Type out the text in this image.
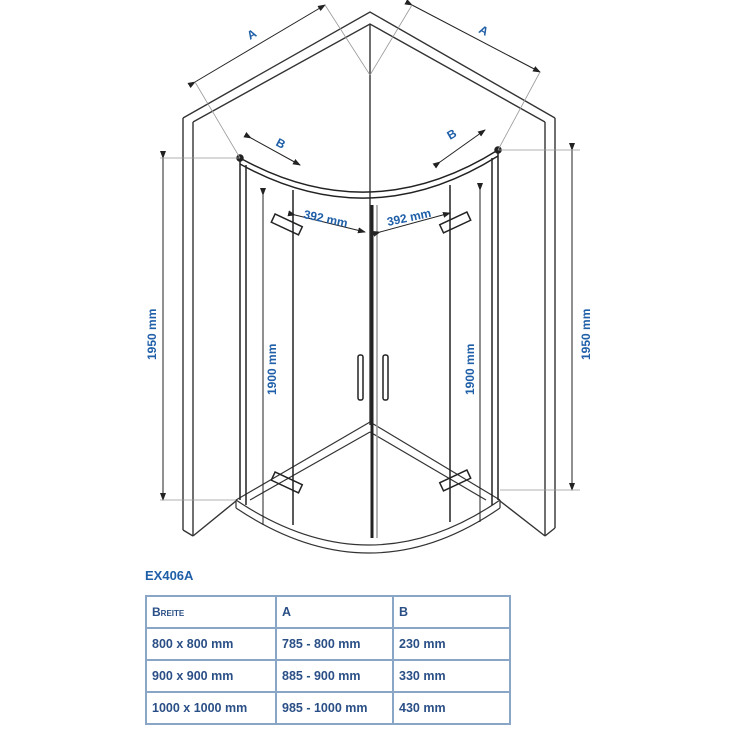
A	A
B
B
392 mm	392 mm
1950 mm	1950 mm
1900 mm	1900 mm
EX406A
Breite	A	B
800 x 800 mm	785 - 800 mm	230 mm
900 x 900 mm	885 - 900 mm	330 mm
1000 x 1000 mm	985 - 1000 mm	430 mm
